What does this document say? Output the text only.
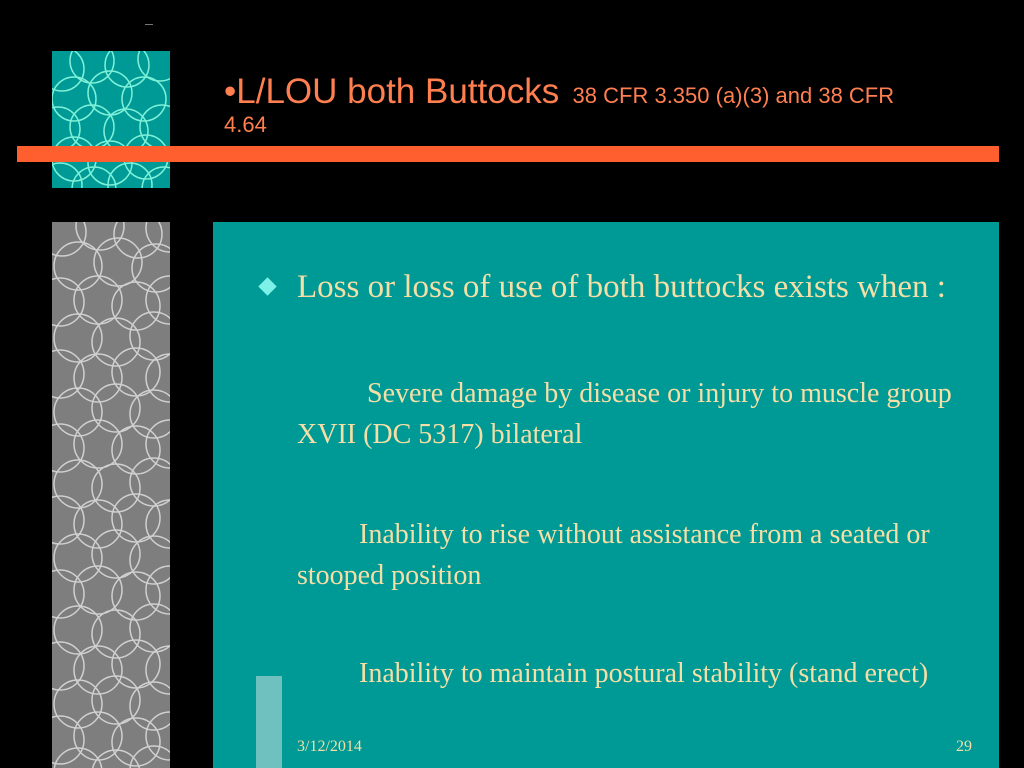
•L/LOU both Buttocks 38 CFR 3.350 (a)(3) and 38 CFR
4.64
Loss or loss of use of both buttocks exists when :
Severe damage by disease or injury to muscle group XVII (DC 5317) bilateral
Inability to rise without assistance from a seated or stooped position
Inability to maintain postural stability (stand erect)
3/12/2014	29
